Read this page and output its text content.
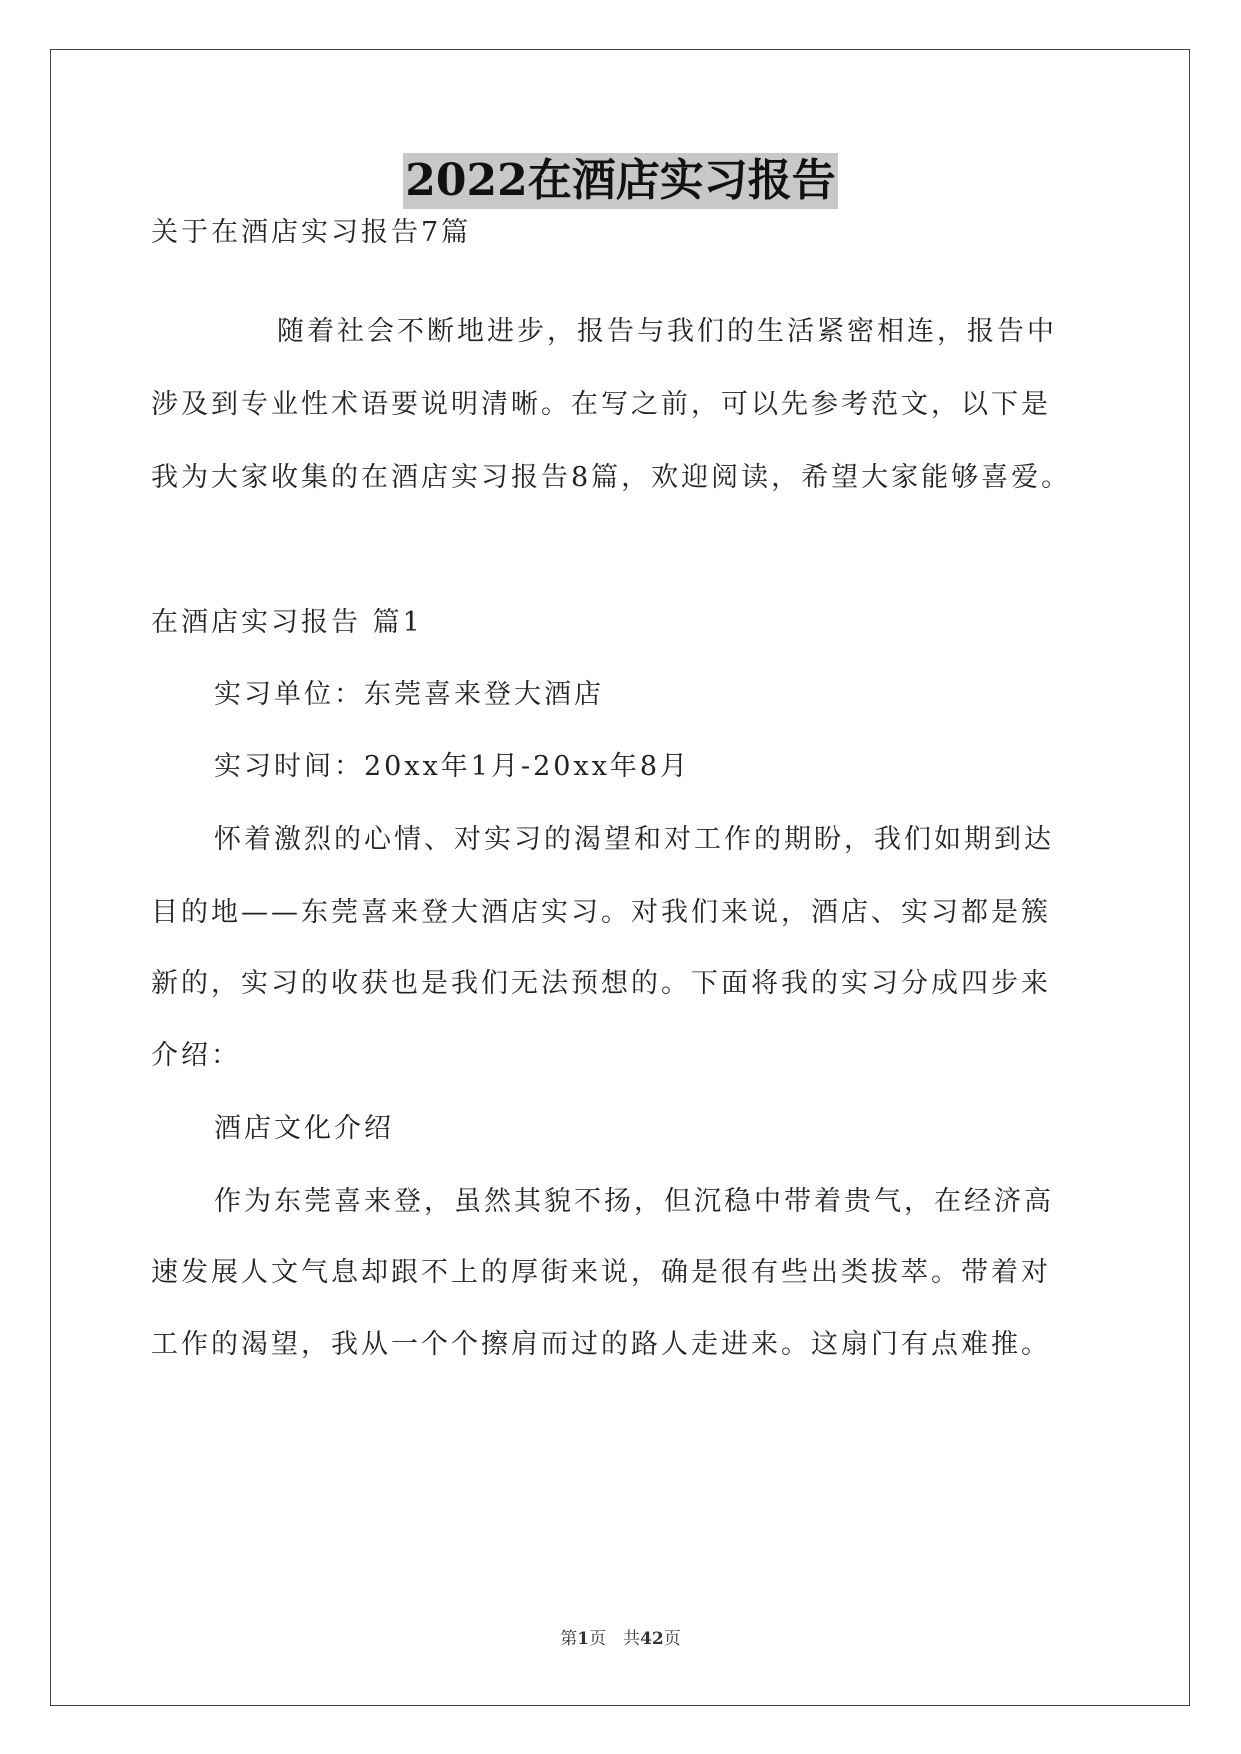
2022在酒店实习报告
关于在酒店实习报告7篇
随着社会不断地进步，报告与我们的生活紧密相连，报告中
涉及到专业性术语要说明清晰。在写之前，可以先参考范文，以下是
我为大家收集的在酒店实习报告8篇，欢迎阅读，希望大家能够喜爱。
在酒店实习报告 篇1
实习单位：东莞喜来登大酒店
实习时间：20xx年1月-20xx年8月
怀着激烈的心情、对实习的渴望和对工作的期盼，我们如期到达
目的地——东莞喜来登大酒店实习。对我们来说，酒店、实习都是簇
新的，实习的收获也是我们无法预想的。下面将我的实习分成四步来
介绍：
酒店文化介绍
作为东莞喜来登，虽然其貌不扬，但沉稳中带着贵气，在经济高
速发展人文气息却跟不上的厚街来说，确是很有些出类拔萃。带着对
工作的渴望，我从一个个擦肩而过的路人走进来。这扇门有点难推。
第1页　共42页
